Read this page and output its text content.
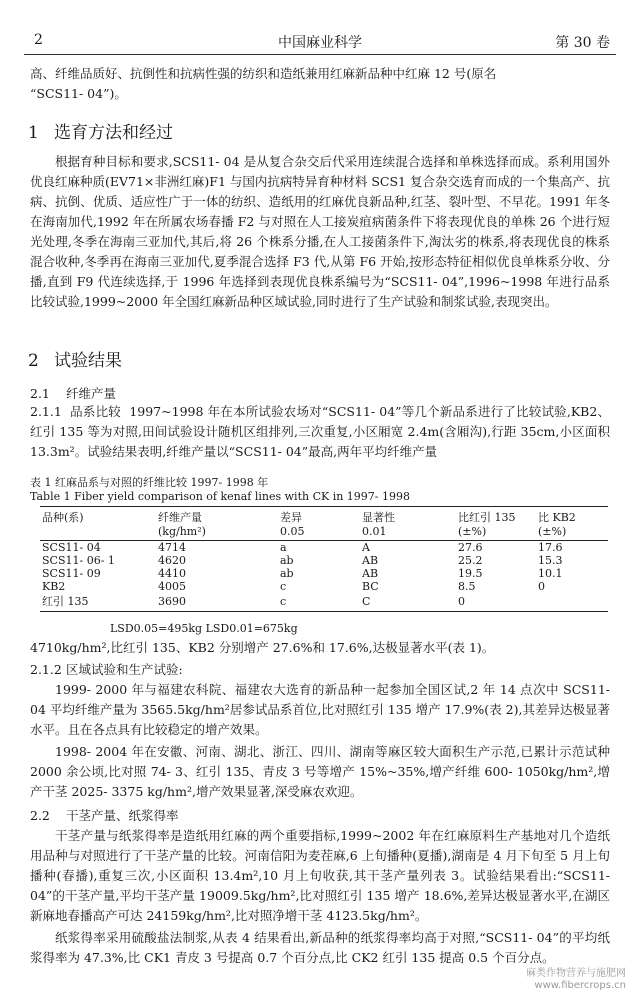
2	中国麻业科学	第 30 卷
高、纤维品质好、抗倒性和抗病性强的纺织和造纸兼用红麻新品种中红麻 12 号(原名
“SCS11- 04”)。
1 选育方法和经过
根据育种目标和要求,SCS11- 04 是从复合杂交后代采用连续混合选择和单株选择而成。系利用国外优良红麻种质(EV71×非洲红麻)F1 与国内抗病特异育种材料 SCS1 复合杂交选育而成的一个集高产、抗病、抗倒、优质、适应性广于一体的纺织、造纸用的红麻优良新品种,红茎、裂叶型、不早花。1991 年冬在海南加代,1992 年在所属农场春播 F2 与对照在人工接炭疽病菌条件下将表现优良的单株 26 个进行短光处理,冬季在海南三亚加代,其后,将 26 个株系分播,在人工接菌条件下,淘汰劣的株系,将表现优良的株系混合收种,冬季再在海南三亚加代,夏季混合选择 F3 代,从第 F6 开始,按形态特征相似优良单株系分收、分播,直到 F9 代连续选择,于 1996 年选择到表现优良株系编号为“SCS11- 04”,1996~1998 年进行品系比较试验,1999~2000 年全国红麻新品种区域试验,同时进行了生产试验和制浆试验,表现突出。
2 试验结果
2.1 纤维产量
2.1.1 品系比较 1997~1998 年在本所试验农场对“SCS11- 04”等几个新品系进行了比较试验,KB2、红引 135 等为对照,田间试验设计随机区组排列,三次重复,小区厢宽 2.4m(含厢沟),行距 35cm,小区面积 13.3m²。试验结果表明,纤维产量以“SCS11- 04”最高,两年平均纤维产量
表 1 红麻品系与对照的纤维比较 1997- 1998 年
Table 1 Fiber yield comparison of kenaf lines with CK in 1997- 1998
品种(系)	纤维产量	差异	显著性	比红引 135	比 KB2
	(kg/hm²)	0.05	0.01	(±%)	(±%)
SCS11- 04	4714	a	A	27.6	17.6
SCS11- 06- 1	4620	ab	AB	25.2	15.3
SCS11- 09	4410	ab	AB	19.5	10.1
KB2	4005	c	BC	8.5	0
红引 135	3690	c	C	0	
LSD0.05=495kg LSD0.01=675kg
4710kg/hm²,比红引 135、KB2 分别增产 27.6%和 17.6%,达极显著水平(表 1)。
2.1.2 区域试验和生产试验:
1999- 2000 年与福建农科院、福建农大选育的新品种一起参加全国区试,2 年 14 点次中 SCS11- 04 平均纤维产量为 3565.5kg/hm²居参试品系首位,比对照红引 135 增产 17.9%(表 2),其差异达极显著水平。且在各点具有比较稳定的增产效果。
1998- 2004 年在安徽、河南、湖北、浙江、四川、湖南等麻区较大面积生产示范,已累计示范试种 2000 余公顷,比对照 74- 3、红引 135、青皮 3 号等增产 15%~35%,增产纤维 600- 1050kg/hm²,增产干茎 2025- 3375 kg/hm²,增产效果显著,深受麻农欢迎。
2.2 干茎产量、纸浆得率
干茎产量与纸浆得率是造纸用红麻的两个重要指标,1999~2002 年在红麻原料生产基地对几个造纸用品种与对照进行了干茎产量的比较。河南信阳为麦茬麻,6 上旬播种(夏播),湖南是 4 月下旬至 5 月上旬播种(春播),重复三次,小区面积 13.4m²,10 月上旬收获,其干茎产量列表 3。试验结果看出:“SCS11- 04”的干茎产量,平均干茎产量 19009.5kg/hm²,比对照红引 135 增产 18.6%,差异达极显著水平,在湖区新麻地春播高产可达 24159kg/hm²,比对照净增干茎 4123.5kg/hm²。
纸浆得率采用硫酸盐法制浆,从表 4 结果看出,新品种的纸浆得率均高于对照,“SCS11- 04”的平均纸浆得率为 47.3%,比 CK1 青皮 3 号提高 0.7 个百分点,比 CK2 红引 135 提高 0.5 个百分点。
麻类作物营养与施肥网
www.fibercrops.cn
